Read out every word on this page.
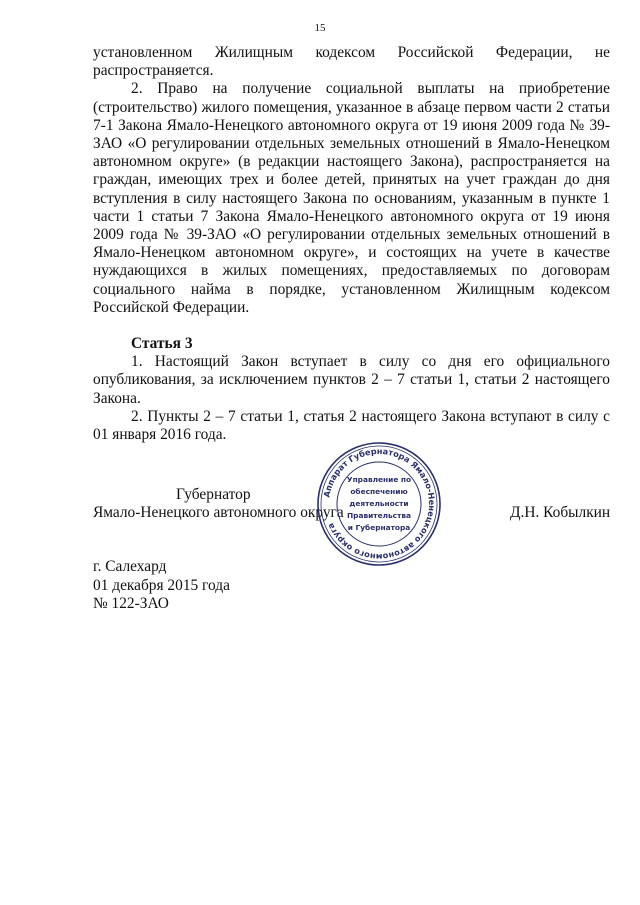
15

установленном Жилищным кодексом Российской Федерации, не распространяется.

2. Право на получение социальной выплаты на приобретение (строительство) жилого помещения, указанное в абзаце первом части 2 статьи 7-1 Закона Ямало-Ненецкого автономного округа от 19 июня 2009 года № 39-ЗАО «О регулировании отдельных земельных отношений в Ямало-Ненецком автономном округе» (в редакции настоящего Закона), распространяется на граждан, имеющих трех и более детей, принятых на учет граждан до дня вступления в силу настоящего Закона по основаниям, указанным в пункте 1 части 1 статьи 7 Закона Ямало-Ненецкого автономного округа от 19 июня 2009 года № 39-ЗАО «О регулировании отдельных земельных отношений в Ямало-Ненецком автономном округе», и состоящих на учете в качестве нуждающихся в жилых помещениях, предоставляемых по договорам социального найма в порядке, установленном Жилищным кодексом Российской Федерации.

Статья 3

1. Настоящий Закон вступает в силу со дня его официального опубликования, за исключением пунктов 2 – 7 статьи 1, статьи 2 настоящего Закона.

2. Пункты 2 – 7 статьи 1, статья 2 настоящего Закона вступают в силу с 01 января 2016 года.

Губернатор
Ямало-Ненецкого автономного округа	Д.Н. Кобылкин
Аппарат Губернатора Ямало-Ненецкого автономного округа
Управление по
обеспечению
деятельности
Правительства
и Губернатора
г. Салехард
01 декабря 2015 года
№ 122-ЗАО
